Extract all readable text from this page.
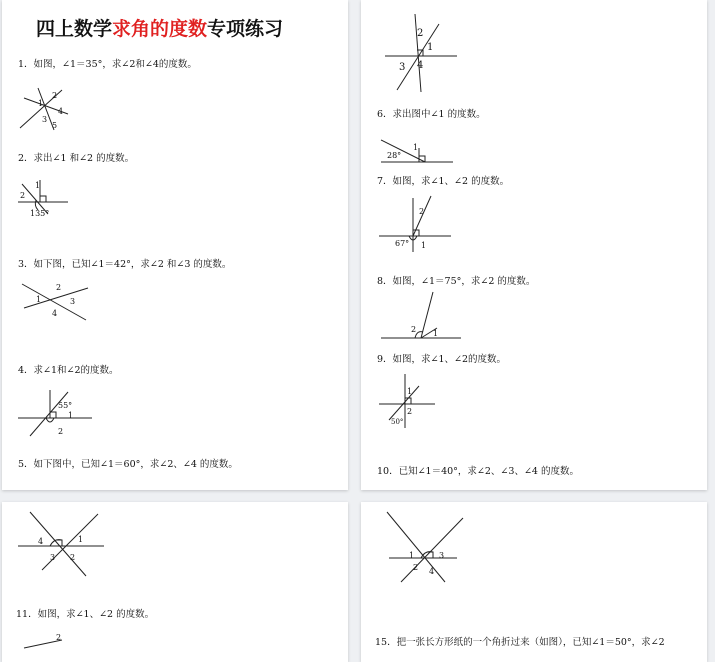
四上数学求角的度数专项练习
1．如图，∠1＝35°，求∠2和∠4的度数。
1
2
3
4
5
2．求出∠1 和∠2 的度数。
1
2
135°
3．如下图，已知∠1＝42°，求∠2 和∠3 的度数。
1
2
3
4
4．求∠1和∠2的度数。
55°
1
2
5．如下图中，已知∠1＝60°，求∠2、∠4 的度数。
2
1
3 4
6．求出图中∠1 的度数。
28°
1
7．如图，求∠1、∠2 的度数。
2
67° 1
8．如图，∠1＝75°，求∠2 的度数。
2 1
9．如图，求∠1、∠2的度数。
1
2
50°
10．已知∠1＝40°，求∠2、∠3、∠4 的度数。
4	1
3 2
11．如图，求∠1、∠2 的度数。
2
1	3
2 4
15．把一张长方形纸的一个角折过来（如图），已知∠1＝50°，求∠2
